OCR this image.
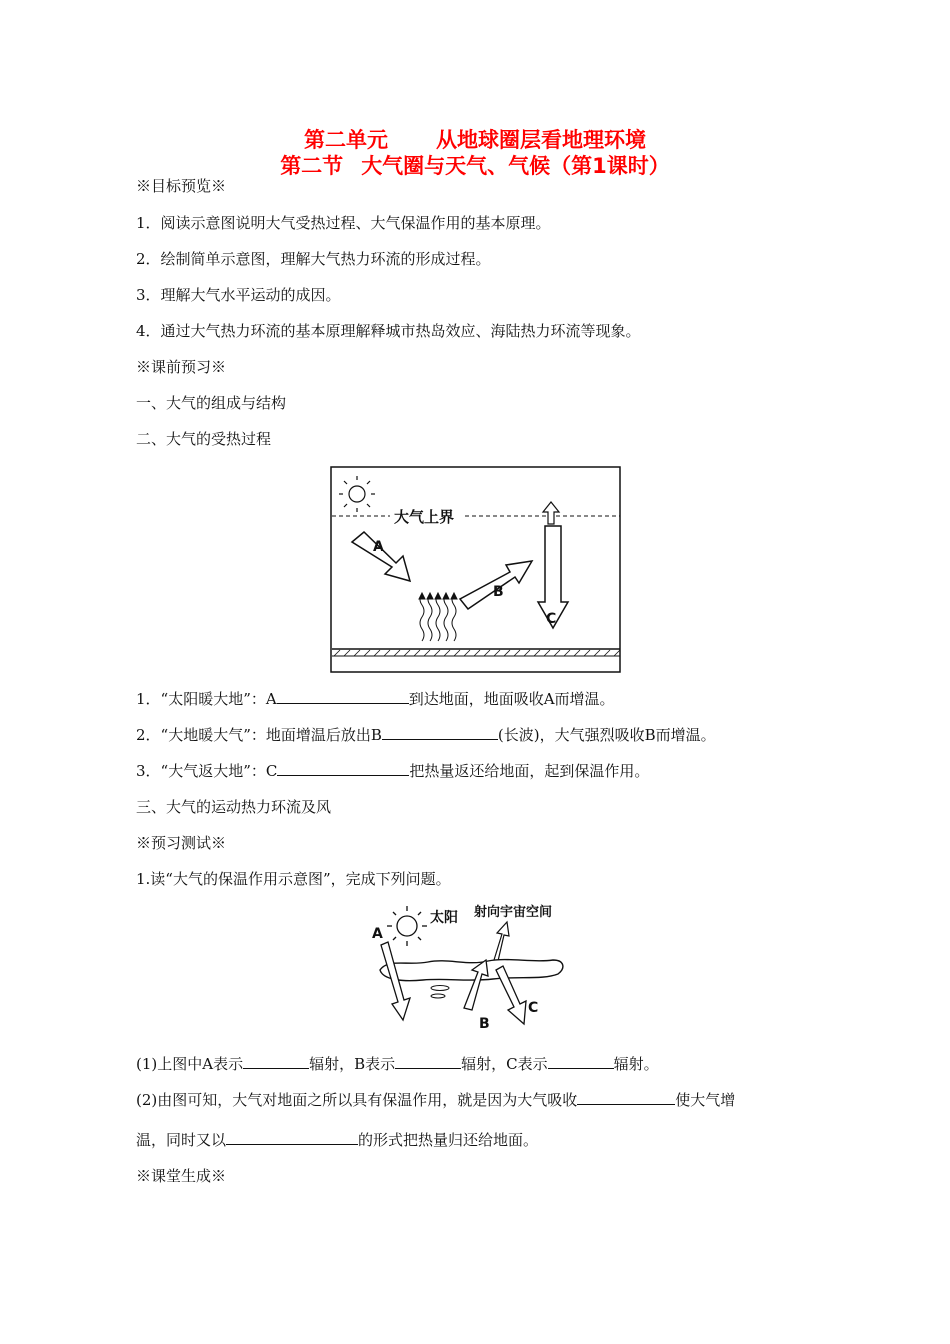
第二单元 从地球圈层看地理环境
第二节 大气圈与天气、气候（第1课时）
※目标预览※
1．阅读示意图说明大气受热过程、大气保温作用的基本原理。
2．绘制简单示意图，理解大气热力环流的形成过程。
3．理解大气水平运动的成因。
4．通过大气热力环流的基本原理解释城市热岛效应、海陆热力环流等现象。
※课前预习※
一、大气的组成与结构
二、大气的受热过程
大气上界
A
B
C
1．“太阳暖大地”：A	到达地面，地面吸收A而增温。
2．“大地暖大气”：地面增温后放出B	(长波)，大气强烈吸收B而增温。
3．“大气返大地”：C	把热量返还给地面，起到保温作用。
三、大气的运动热力环流及风
※预习测试※
1.读“大气的保温作用示意图”，完成下列问题。
太阳 射向宇宙空间
A
B
C
(1)上图中A表示	辐射，B表示	辐射，C表示	辐射。
(2)由图可知，大气对地面之所以具有保温作用，就是因为大气吸收	使大气增
温，同时又以	的形式把热量归还给地面。
※课堂生成※
